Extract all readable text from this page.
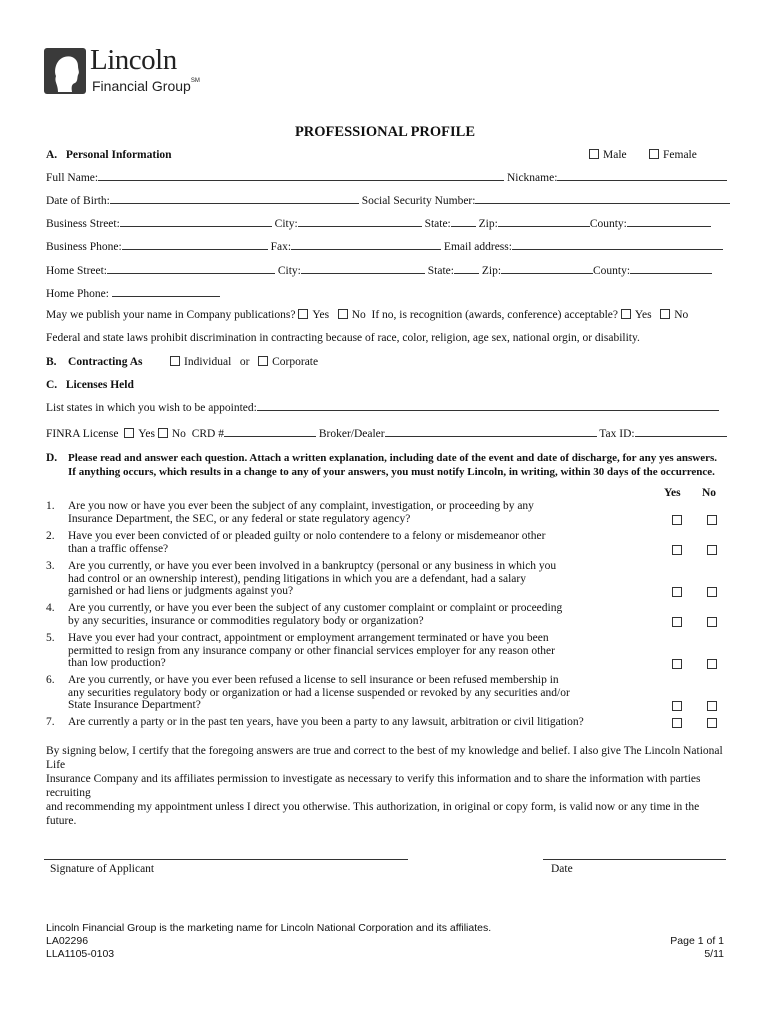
Lincoln
Financial Group℠
PROFESSIONAL PROFILE
A. Personal Information	Male	Female
Full Name:	Nickname:
Date of Birth:	Social Security Number:
Business Street:	City:	State: Zip:	County:
Business Phone:	Fax:	Email address:
Home Street:	City:	State: Zip:	County:
Home Phone:
May we publish your name in Company publications? Yes No If no, is recognition (awards, conference) acceptable? Yes No
Federal and state laws prohibit discrimination in contracting because of race, color, religion, age sex, national orgin, or disability.
B. Contracting As	Individual or Corporate
C. Licenses Held
List states in which you wish to be appointed:
FINRA License Yes No CRD #	Broker/Dealer	Tax ID:
D. Please read and answer each question. Attach a written explanation, including date of the event and date of discharge, for any yes answers.
If anything occurs, which results in a change to any of your answers, you must notify Lincoln, in writing, within 30 days of the occurrence.
Yes No
1. Are you now or have you ever been the subject of any complaint, investigation, or proceeding by any
Insurance Department, the SEC, or any federal or state regulatory agency?
2. Have you ever been convicted of or pleaded guilty or nolo contendere to a felony or misdemeanor other
than a traffic offense?
3. Are you currently, or have you ever been involved in a bankruptcy (personal or any business in which you
had control or an ownership interest), pending litigations in which you are a defendant, had a salary
garnished or had liens or judgments against you?
4. Are you currently, or have you ever been the subject of any customer complaint or complaint or proceeding
by any securities, insurance or commodities regulatory body or organization?
5. Have you ever had your contract, appointment or employment arrangement terminated or have you been
permitted to resign from any insurance company or other financial services employer for any reason other
than low production?
6. Are you currently, or have you ever been refused a license to sell insurance or been refused membership in
any securities regulatory body or organization or had a license suspended or revoked by any securities and/or
State Insurance Department?
7. Are currently a party or in the past ten years, have you been a party to any lawsuit, arbitration or civil litigation?
By signing below, I certify that the foregoing answers are true and correct to the best of my knowledge and belief. I also give The Lincoln National Life
Insurance Company and its affiliates permission to investigate as necessary to verify this information and to share the information with parties recruiting
and recommending my appointment unless I direct you otherwise. This authorization, in original or copy form, is valid now or any time in the future.
Signature of Applicant	Date
Lincoln Financial Group is the marketing name for Lincoln National Corporation and its affiliates.
LA02296
LLA1105-0103
Page 1 of 1
5/11
